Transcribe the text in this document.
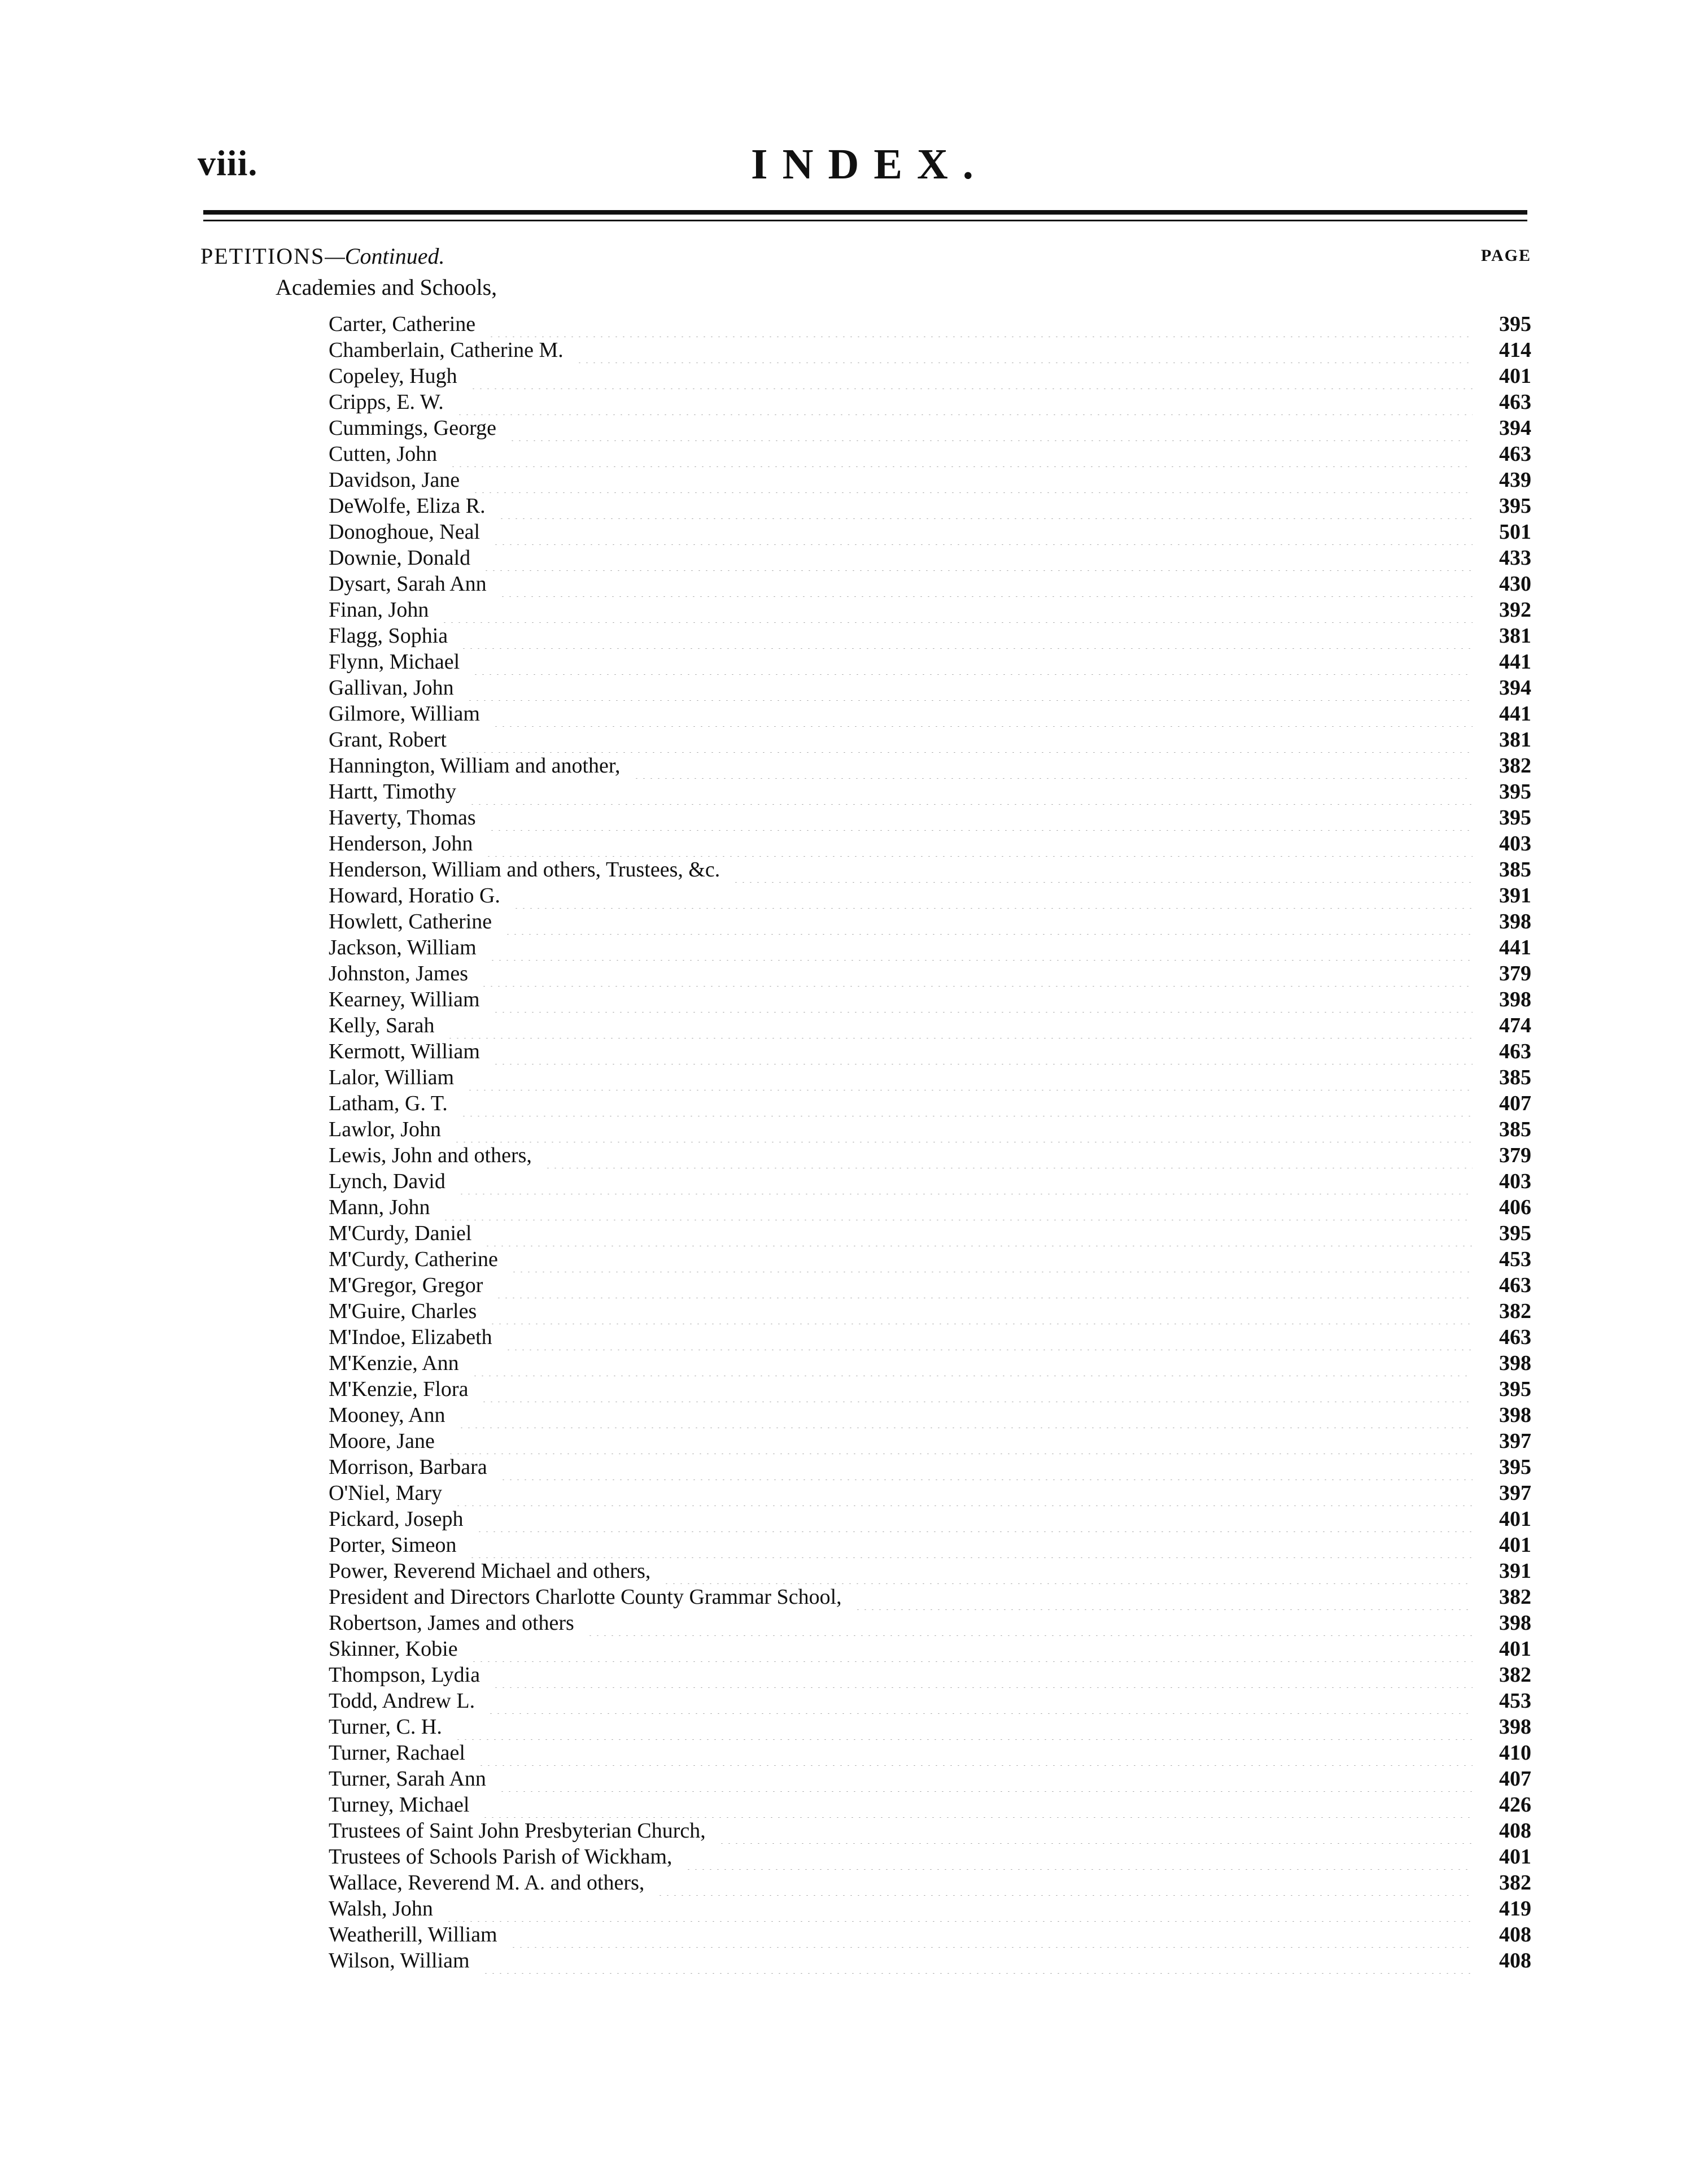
viii.	INDEX.
PETITIONS—Continued.	PAGE
Academies and Schools,
Carter, Catherine	395
Chamberlain, Catherine M.	414
Copeley, Hugh	401
Cripps, E. W.	463
Cummings, George	394
Cutten, John	463
Davidson, Jane	439
DeWolfe, Eliza R.	395
Donoghoue, Neal	501
Downie, Donald	433
Dysart, Sarah Ann	430
Finan, John	392
Flagg, Sophia	381
Flynn, Michael	441
Gallivan, John	394
Gilmore, William	441
Grant, Robert	381
Hannington, William and another,	382
Hartt, Timothy	395
Haverty, Thomas	395
Henderson, John	403
Henderson, William and others, Trustees, &c.	385
Howard, Horatio G.	391
Howlett, Catherine	398
Jackson, William	441
Johnston, James	379
Kearney, William	398
Kelly, Sarah	474
Kermott, William	463
Lalor, William	385
Latham, G. T.	407
Lawlor, John	385
Lewis, John and others,	379
Lynch, David	403
Mann, John	406
M'Curdy, Daniel	395
M'Curdy, Catherine	453
M'Gregor, Gregor	463
M'Guire, Charles	382
M'Indoe, Elizabeth	463
M'Kenzie, Ann	398
M'Kenzie, Flora	395
Mooney, Ann	398
Moore, Jane	397
Morrison, Barbara	395
O'Niel, Mary	397
Pickard, Joseph	401
Porter, Simeon	401
Power, Reverend Michael and others,	391
President and Directors Charlotte County Grammar School,	382
Robertson, James and others	398
Skinner, Kobie	401
Thompson, Lydia	382
Todd, Andrew L.	453
Turner, C. H.	398
Turner, Rachael	410
Turner, Sarah Ann	407
Turney, Michael	426
Trustees of Saint John Presbyterian Church,	408
Trustees of Schools Parish of Wickham,	401
Wallace, Reverend M. A. and others,	382
Walsh, John	419
Weatherill, William	408
Wilson, William	408
